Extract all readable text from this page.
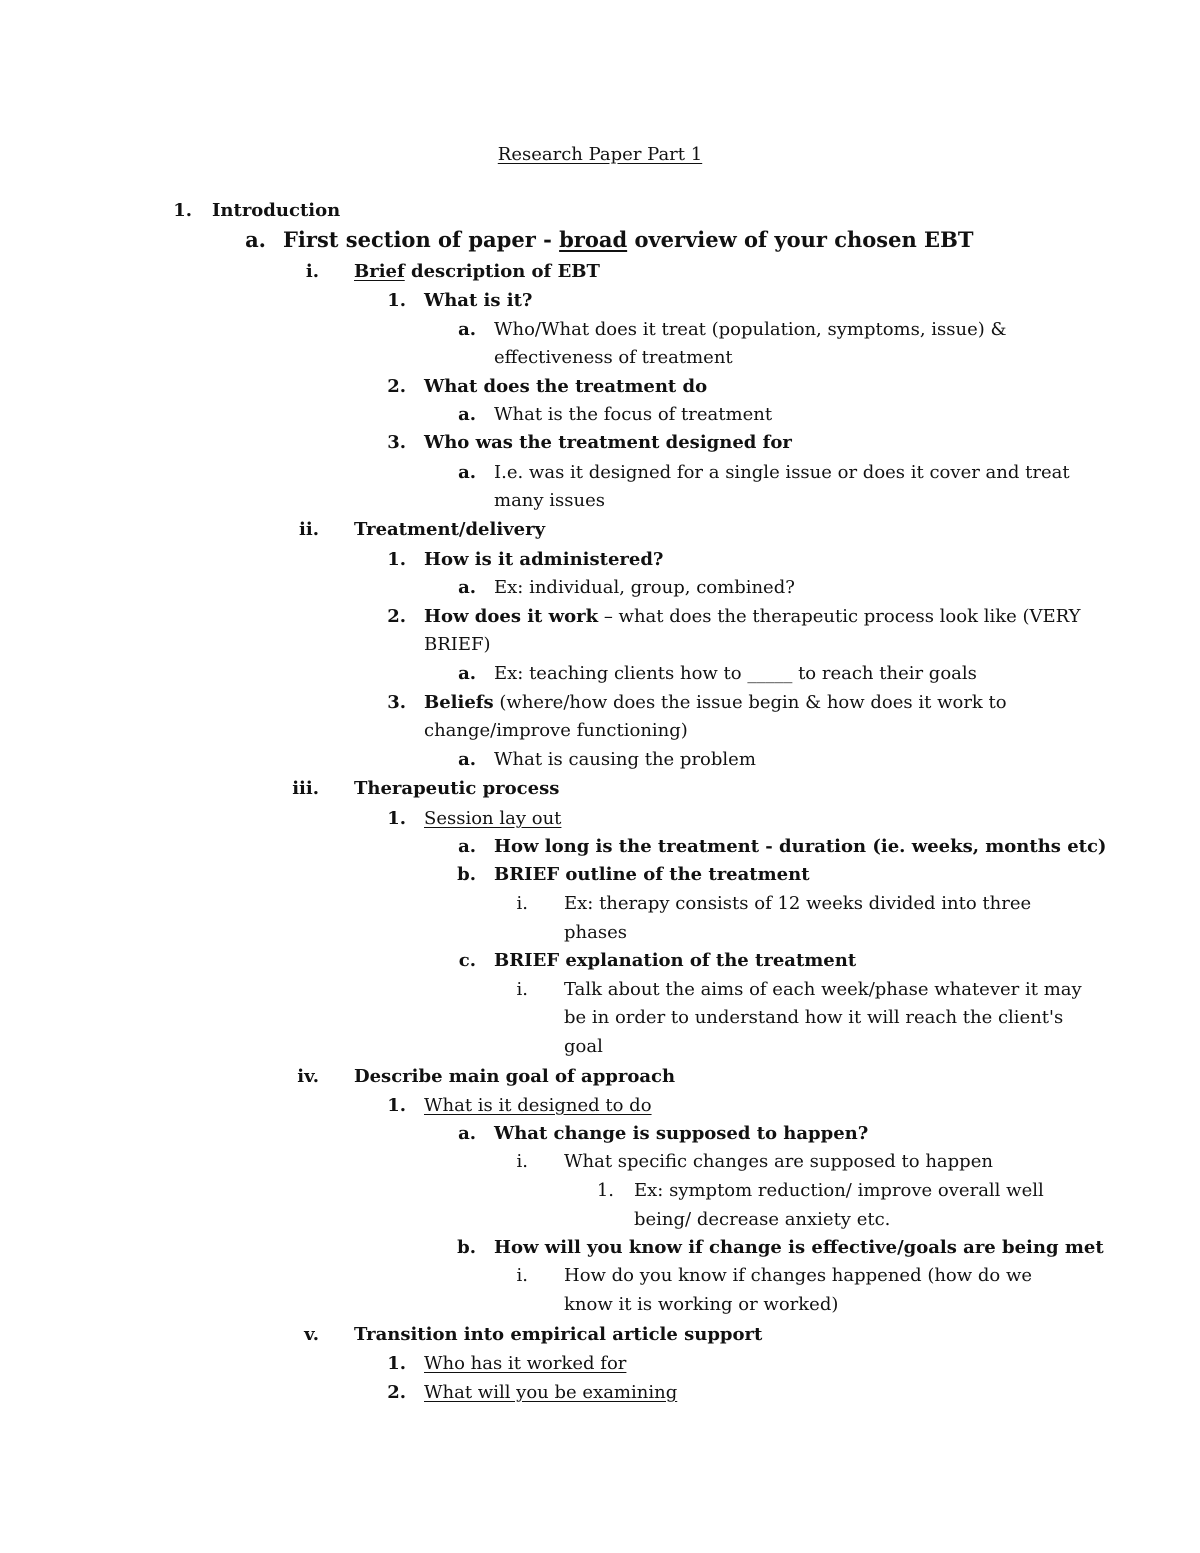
Research Paper Part 1
1. Introduction
a. First section of paper - broad overview of your chosen EBT
i. Brief description of EBT
1. What is it?
a. Who/What does it treat (population, symptoms, issue) &
effectiveness of treatment
2. What does the treatment do
a. What is the focus of treatment
3. Who was the treatment designed for
a. I.e. was it designed for a single issue or does it cover and treat
many issues
ii. Treatment/delivery
1. How is it administered?
a. Ex: individual, group, combined?
2. How does it work – what does the therapeutic process look like (VERY
BRIEF)
a. Ex: teaching clients how to _____ to reach their goals
3. Beliefs (where/how does the issue begin & how does it work to
change/improve functioning)
a. What is causing the problem
iii. Therapeutic process
1. Session lay out
a. How long is the treatment - duration (ie. weeks, months etc)
b. BRIEF outline of the treatment
i. Ex: therapy consists of 12 weeks divided into three
phases
c. BRIEF explanation of the treatment
i. Talk about the aims of each week/phase whatever it may
be in order to understand how it will reach the client's
goal
iv. Describe main goal of approach
1. What is it designed to do
a. What change is supposed to happen?
i. What specific changes are supposed to happen
1. Ex: symptom reduction/ improve overall well
being/ decrease anxiety etc.
b. How will you know if change is effective/goals are being met
i. How do you know if changes happened (how do we
know it is working or worked)
v. Transition into empirical article support
1. Who has it worked for
2. What will you be examining
